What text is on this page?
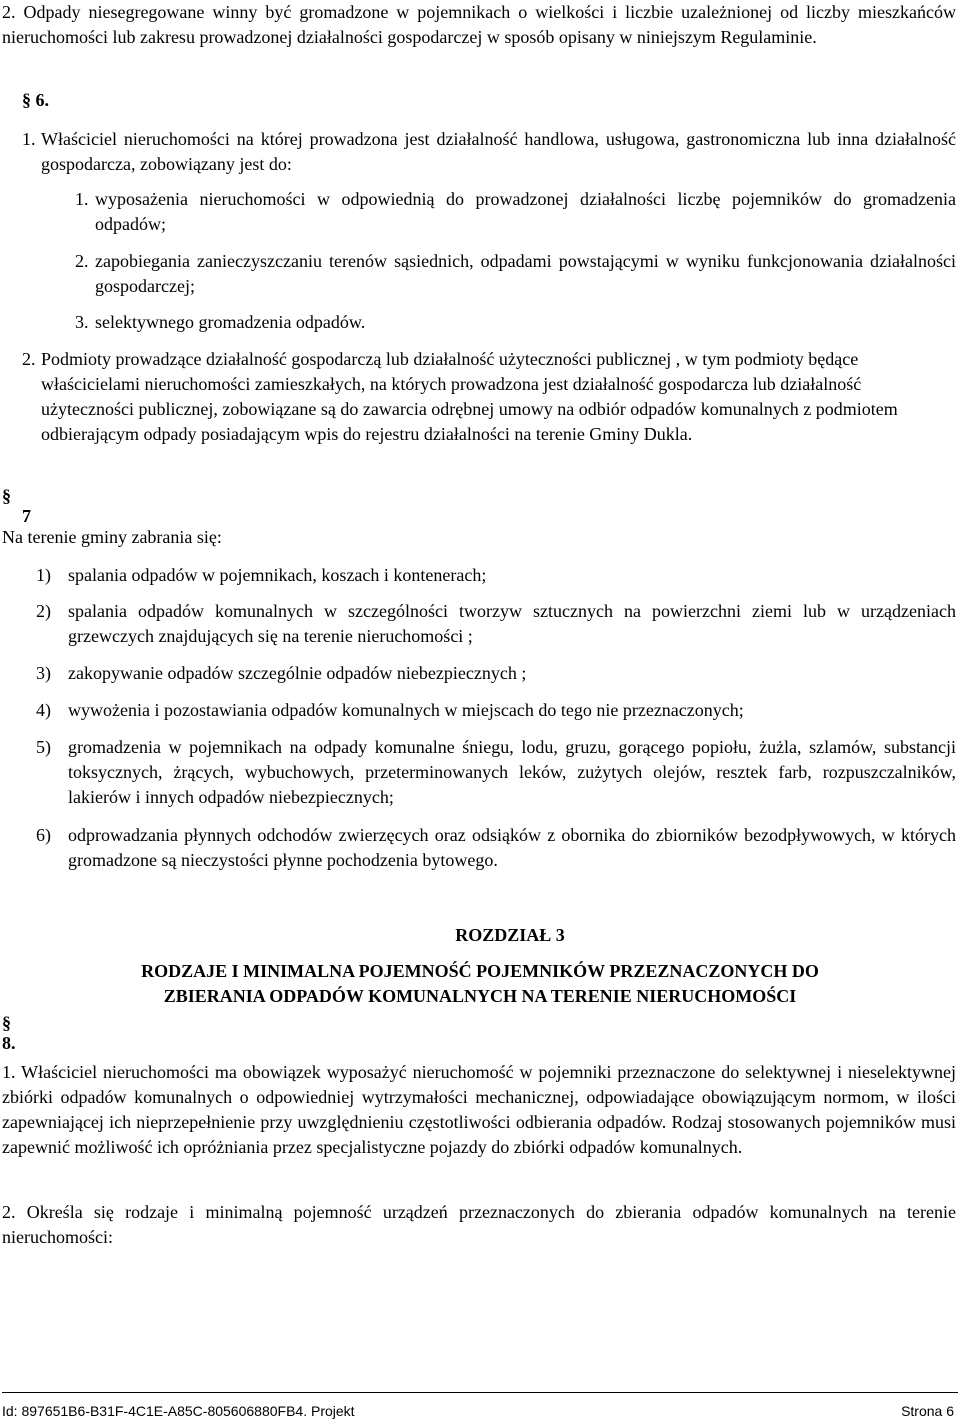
2. Odpady niesegregowane winny być gromadzone w pojemnikach o wielkości i liczbie uzależnionej od liczby mieszkańców nieruchomości lub zakresu prowadzonej działalności gospodarczej w sposób opisany w niniejszym Regulaminie.
§ 6.
1. Właściciel nieruchomości na której prowadzona jest działalność handlowa, usługowa, gastronomiczna lub inna działalność gospodarcza, zobowiązany jest do:
1. wyposażenia nieruchomości w odpowiednią do prowadzonej działalności liczbę pojemników do gromadzenia odpadów;
2. zapobiegania zanieczyszczaniu terenów sąsiednich, odpadami powstającymi w wyniku funkcjonowania działalności gospodarczej;
3. selektywnego gromadzenia odpadów.
2. Podmioty prowadzące działalność gospodarczą lub działalność użyteczności publicznej , w tym podmioty będące właścicielami nieruchomości zamieszkałych, na których prowadzona jest działalność gospodarcza lub działalność użyteczności publicznej, zobowiązane są do zawarcia odrębnej umowy na odbiór odpadów komunalnych z podmiotem odbierającym odpady posiadającym wpis do rejestru działalności na terenie Gminy Dukla.
§
7
Na terenie gminy zabrania się:
1) spalania odpadów w pojemnikach, koszach i kontenerach;
2) spalania odpadów komunalnych w szczególności tworzyw sztucznych na powierzchni ziemi lub w urządzeniach grzewczych znajdujących się na terenie nieruchomości ;
3) zakopywanie odpadów szczególnie odpadów niebezpiecznych ;
4) wywożenia i pozostawiania odpadów komunalnych w miejscach do tego nie przeznaczonych;
5) gromadzenia w pojemnikach na odpady komunalne śniegu, lodu, gruzu, gorącego popiołu, żużla, szlamów, substancji toksycznych, żrących, wybuchowych, przeterminowanych leków, zużytych olejów, resztek farb, rozpuszczalników, lakierów i innych odpadów niebezpiecznych;
6) odprowadzania płynnych odchodów zwierzęcych oraz odsiąków z obornika do zbiorników bezodpływowych, w których gromadzone są nieczystości płynne pochodzenia bytowego.
ROZDZIAŁ 3
RODZAJE I MINIMALNA POJEMNOŚĆ POJEMNIKÓW PRZEZNACZONYCH DO
ZBIERANIA ODPADÓW KOMUNALNYCH NA TERENIE NIERUCHOMOŚCI
§
8.
1. Właściciel nieruchomości ma obowiązek wyposażyć nieruchomość w pojemniki przeznaczone do selektywnej i nieselektywnej zbiórki odpadów komunalnych o odpowiedniej wytrzymałości mechanicznej, odpowiadające obowiązującym normom, w ilości zapewniającej ich nieprzepełnienie przy uwzględnieniu częstotliwości odbierania odpadów. Rodzaj stosowanych pojemników musi zapewnić możliwość ich opróżniania przez specjalistyczne pojazdy do zbiórki odpadów komunalnych.
2. Określa się rodzaje i minimalną pojemność urządzeń przeznaczonych do zbierania odpadów komunalnych na terenie nieruchomości:
Id: 897651B6-B31F-4C1E-A85C-805606880FB4. Projekt	Strona 6
